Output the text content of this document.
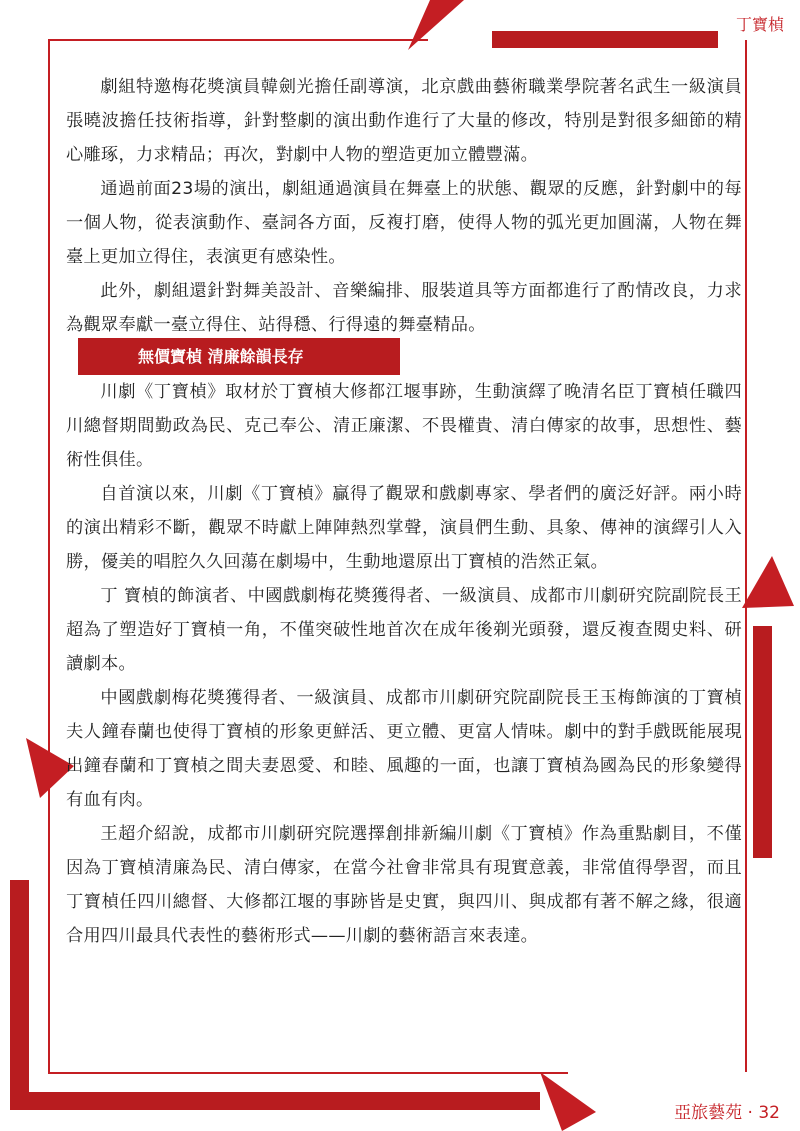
丁寶楨
亞旅藝苑 · 32
無價寶楨 清廉餘韻長存

劇組特邀梅花獎演員韓劍光擔任副導演，北京戲曲藝術職業學院著名武生一級演員張曉波擔任技術指導，針對整劇的演出動作進行了大量的修改，特別是對很多細節的精心雕琢，力求精品；再次，對劇中人物的塑造更加立體豐滿。

通過前面23場的演出，劇組通過演員在舞臺上的狀態、觀眾的反應，針對劇中的每一個人物，從表演動作、臺詞各方面，反複打磨，使得人物的弧光更加圓滿，人物在舞臺上更加立得住，表演更有感染性。

此外，劇組還針對舞美設計、音樂編排、服裝道具等方面都進行了酌情改良，力求為觀眾奉獻一臺立得住、站得穩、行得遠的舞臺精品。

川劇《丁寶楨》取材於丁寶楨大修都江堰事跡，生動演繹了晚清名臣丁寶楨任職四川總督期間勤政為民、克己奉公、清正廉潔、不畏權貴、清白傳家的故事，思想性、藝術性俱佳。

自首演以來，川劇《丁寶楨》贏得了觀眾和戲劇專家、學者們的廣泛好評。兩小時的演出精彩不斷，觀眾不時獻上陣陣熱烈掌聲，演員們生動、具象、傳神的演繹引人入勝，優美的唱腔久久回蕩在劇場中，生動地還原出丁寶楨的浩然正氣。

丁 寶楨的飾演者、中國戲劇梅花獎獲得者、一級演員、成都市川劇研究院副院長王超為了塑造好丁寶楨一角，不僅突破性地首次在成年後剃光頭發，還反複查閱史料、研讀劇本。

中國戲劇梅花獎獲得者、一級演員、成都市川劇研究院副院長王玉梅飾演的丁寶楨夫人鐘春蘭也使得丁寶楨的形象更鮮活、更立體、更富人情味。劇中的對手戲既能展現出鐘春蘭和丁寶楨之間夫妻恩愛、和睦、風趣的一面，也讓丁寶楨為國為民的形象變得有血有肉。

王超介紹說，成都市川劇研究院選擇創排新編川劇《丁寶楨》作為重點劇目，不僅因為丁寶楨清廉為民、清白傳家，在當今社會非常具有現實意義，非常值得學習，而且丁寶楨任四川總督、大修都江堰的事跡皆是史實，與四川、與成都有著不解之緣，很適合用四川最具代表性的藝術形式——川劇的藝術語言來表達。
